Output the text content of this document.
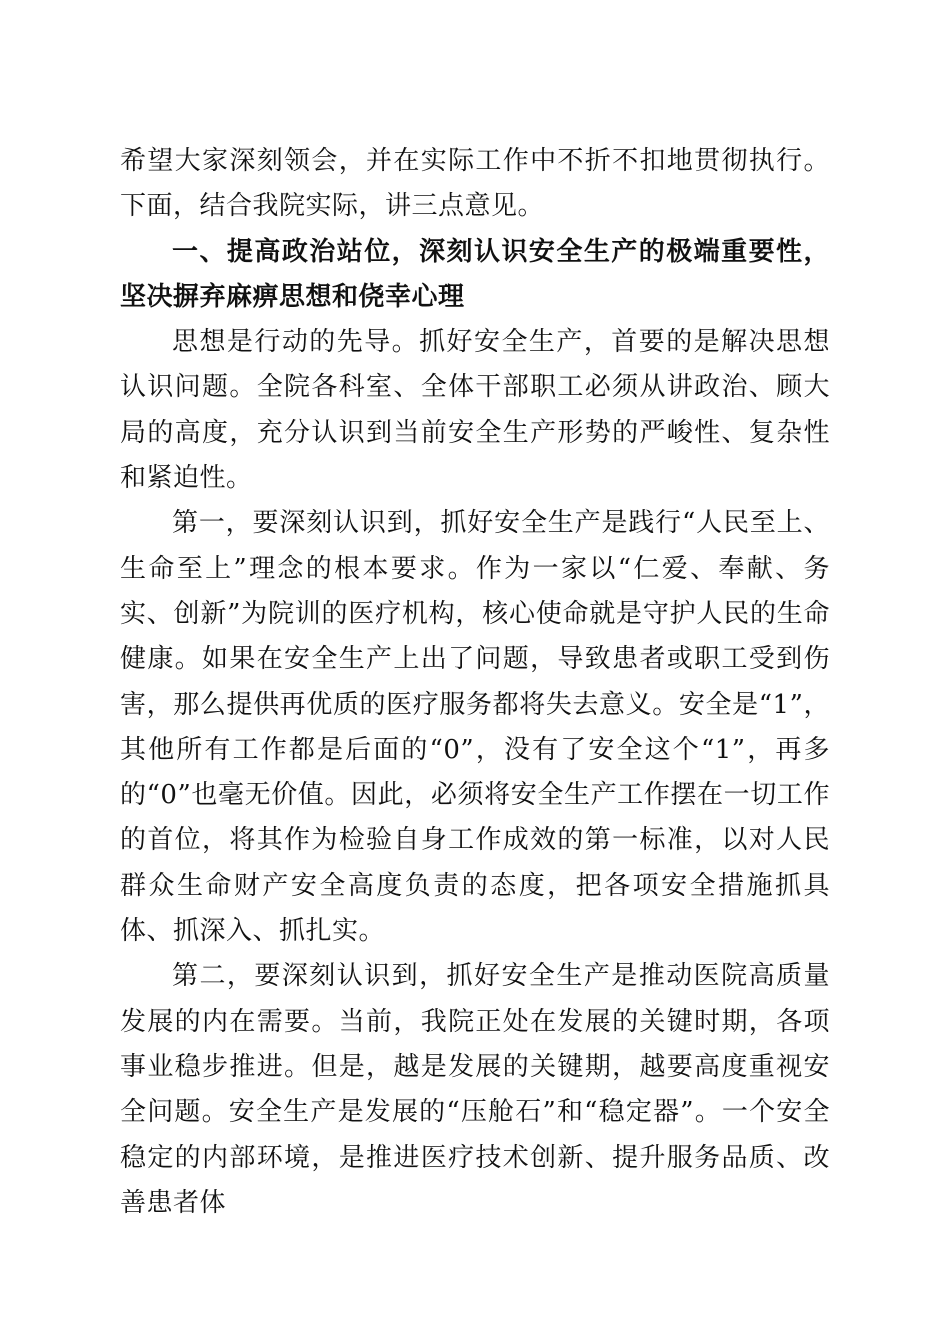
希望大家深刻领会，并在实际工作中不折不扣地贯彻执行。下面，结合我院实际，讲三点意见。

一、提高政治站位，深刻认识安全生产的极端重要性，坚决摒弃麻痹思想和侥幸心理

思想是行动的先导。抓好安全生产，首要的是解决思想认识问题。全院各科室、全体干部职工必须从讲政治、顾大局的高度，充分认识到当前安全生产形势的严峻性、复杂性和紧迫性。

第一，要深刻认识到，抓好安全生产是践行“人民至上、生命至上”理念的根本要求。作为一家以“仁爱、奉献、务实、创新”为院训的医疗机构，核心使命就是守护人民的生命健康。如果在安全生产上出了问题，导致患者或职工受到伤害，那么提供再优质的医疗服务都将失去意义。安全是“1”，其他所有工作都是后面的“0”，没有了安全这个“1”，再多的“0”也毫无价值。因此，必须将安全生产工作摆在一切工作的首位，将其作为检验自身工作成效的第一标准，以对人民群众生命财产安全高度负责的态度，把各项安全措施抓具体、抓深入、抓扎实。

第二，要深刻认识到，抓好安全生产是推动医院高质量发展的内在需要。当前，我院正处在发展的关键时期，各项事业稳步推进。但是，越是发展的关键期，越要高度重视安全问题。安全生产是发展的“压舱石”和“稳定器”。一个安全稳定的内部环境，是推进医疗技术创新、提升服务品质、改善患者体
